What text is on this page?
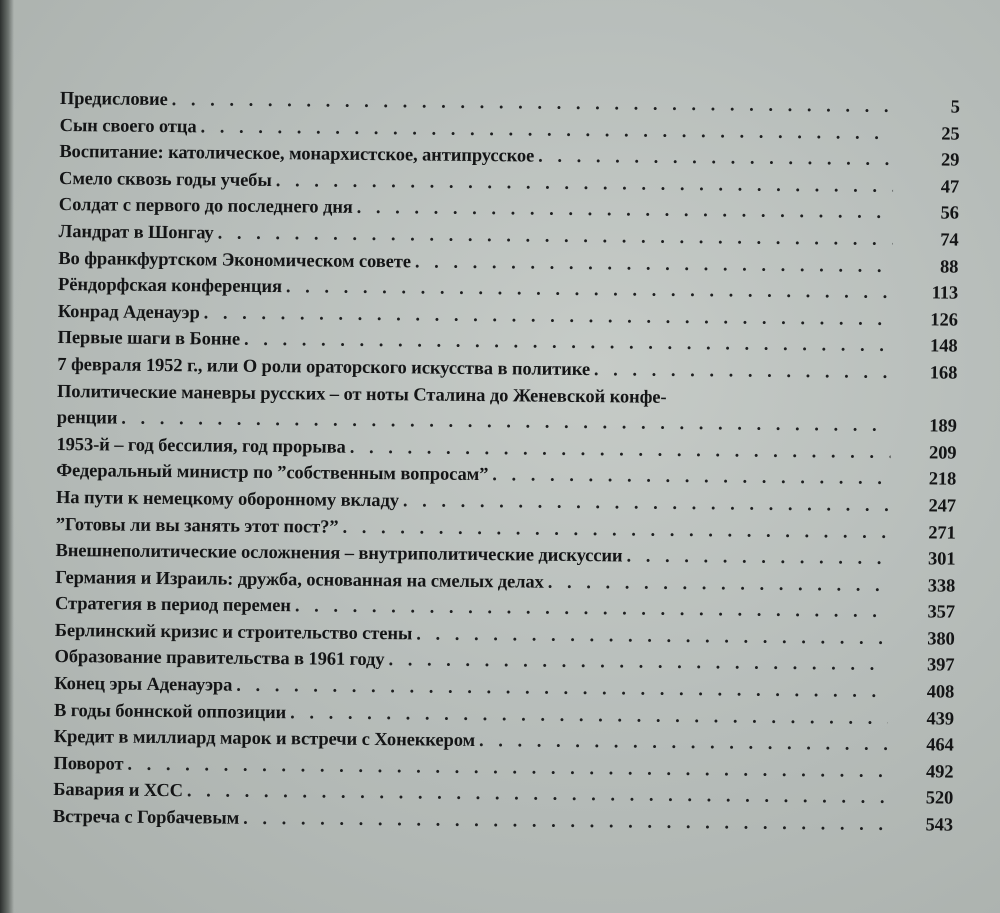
Предисловие . . .	5
Сын своего отца . . .	25
Воспитание: католическое, монархистское, антипрусское . . .	29
Смело сквозь годы учебы . . .	47
Солдат с первого до последнего дня . . .	56
Ландрат в Шонгау . . .	74
Во франкфуртском Экономическом совете . . .	88
Рёндорфская конференция . . .	113
Конрад Аденауэр . . .	126
Первые шаги в Бонне . . .	148
7 февраля 1952 г., или О роли ораторского искусства в политике . . .	168
Политические маневры русских – от ноты Сталина до Женевской конфе-
ренции . . .	189
1953-й – год бессилия, год прорыва . . .	209
Федеральный министр по ”собственным вопросам” . . .	218
На пути к немецкому оборонному вкладу . . .	247
”Готовы ли вы занять этот пост?” . . .	271
Внешнеполитические осложнения – внутриполитические дискуссии . . .	301
Германия и Израиль: дружба, основанная на смелых делах . . .	338
Стратегия в период перемен . . .	357
Берлинский кризис и строительство стены . . .	380
Образование правительства в 1961 году . . .	397
Конец эры Аденауэра . . .	408
В годы боннской оппозиции . . .	439
Кредит в миллиард марок и встречи с Хонеккером . . .	464
Поворот . . .	492
Бавария и ХСС . . .	520
Встреча с Горбачевым . . .	543
